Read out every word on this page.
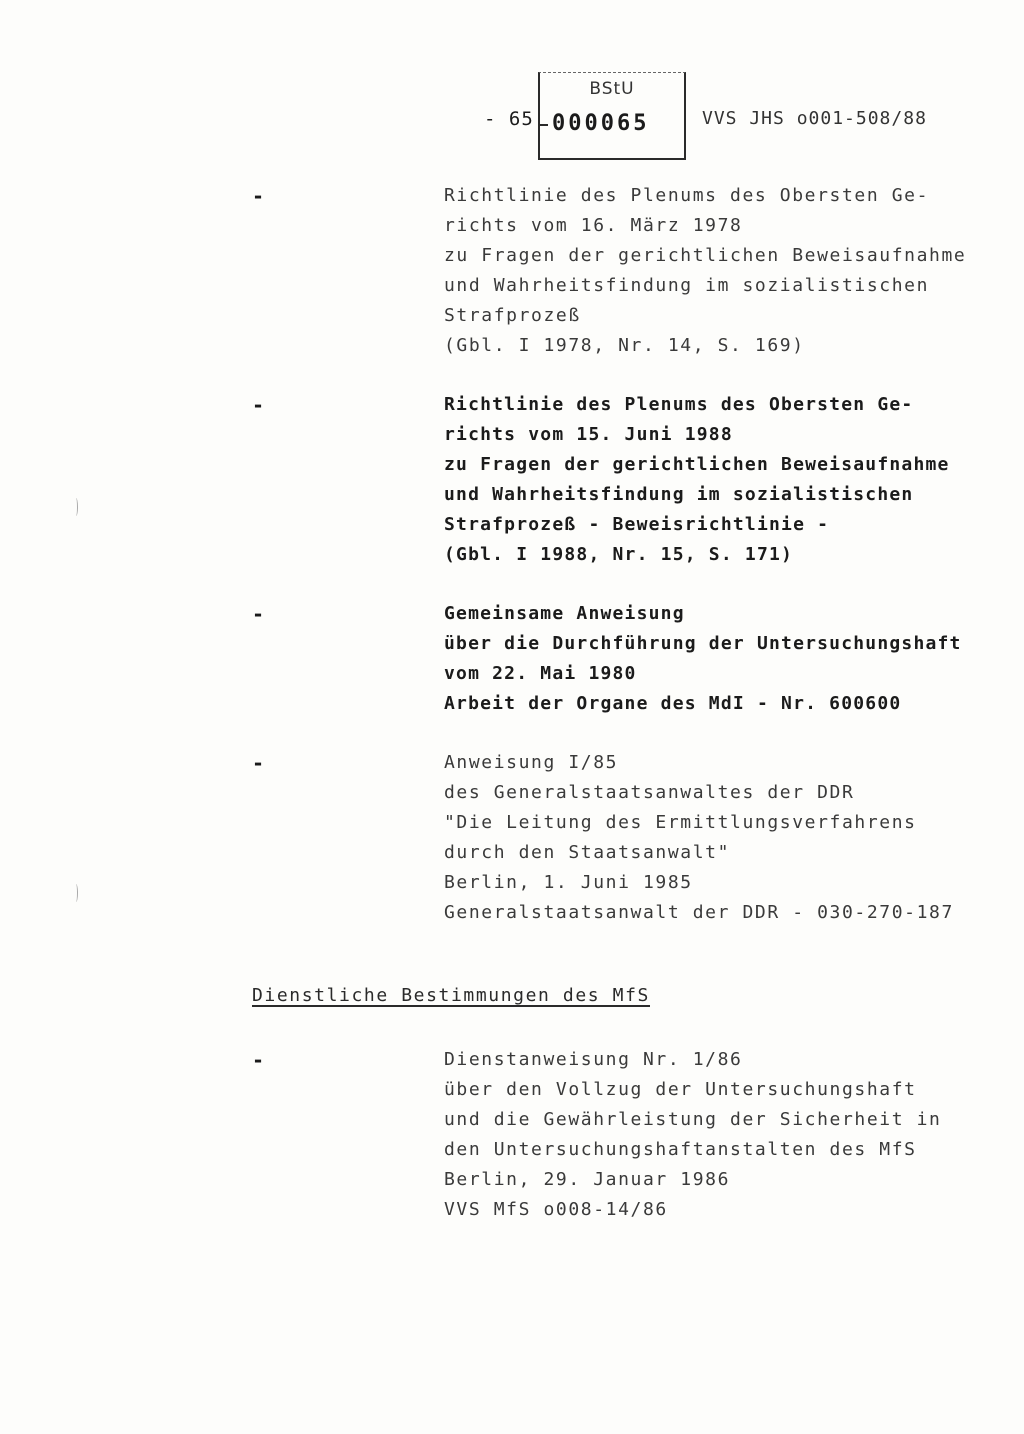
- 65
BStU
000065	VVS JHS o001-508/88
-	Richtlinie des Plenums des Obersten Ge-
richts vom 16. März 1978
zu Fragen der gerichtlichen Beweisaufnahme
und Wahrheitsfindung im sozialistischen
Strafprozeß
(Gbl. I 1978, Nr. 14, S. 169)
-	Richtlinie des Plenums des Obersten Ge-
richts vom 15. Juni 1988
zu Fragen der gerichtlichen Beweisaufnahme
und Wahrheitsfindung im sozialistischen
Strafprozeß - Beweisrichtlinie -
(Gbl. I 1988, Nr. 15, S. 171)
-	Gemeinsame Anweisung
über die Durchführung der Untersuchungshaft
vom 22. Mai 1980
Arbeit der Organe des MdI - Nr. 600600
-	Anweisung I/85
des Generalstaatsanwaltes der DDR
"Die Leitung des Ermittlungsverfahrens
durch den Staatsanwalt"
Berlin, 1. Juni 1985
Generalstaatsanwalt der DDR - 030-270-187
Dienstliche Bestimmungen des MfS
-	Dienstanweisung Nr. 1/86
über den Vollzug der Untersuchungshaft
und die Gewährleistung der Sicherheit in
den Untersuchungshaftanstalten des MfS
Berlin, 29. Januar 1986
VVS MfS o008-14/86
